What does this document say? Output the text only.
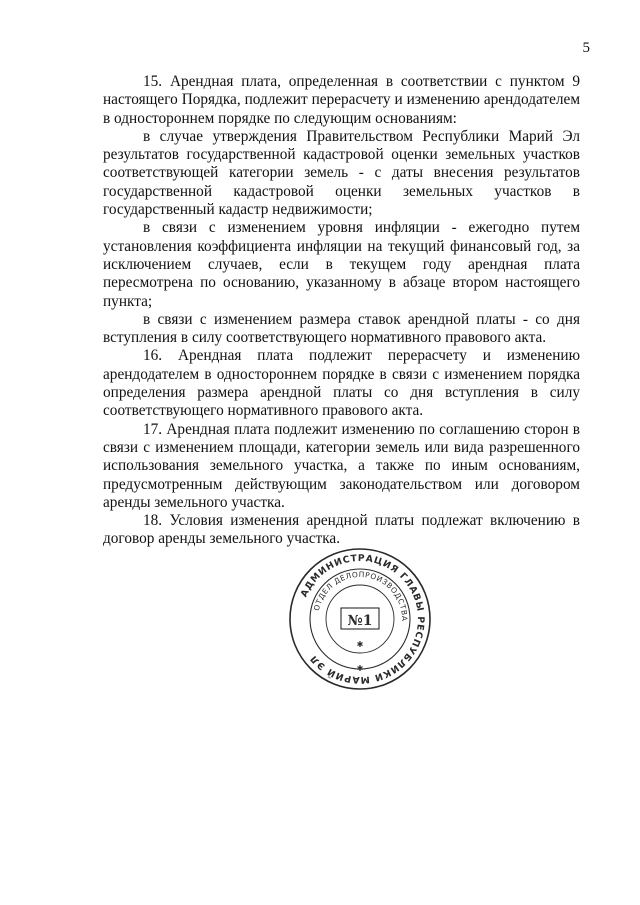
5

15. Арендная плата, определенная в соответствии с пунктом 9 настоящего Порядка, подлежит перерасчету и изменению арендодателем в одностороннем порядке по следующим основаниям:

в случае утверждения Правительством Республики Марий Эл результатов государственной кадастровой оценки земельных участков соответствующей категории земель - с даты внесения результатов государственной кадастровой оценки земельных участков в государственный кадастр недвижимости;

в связи с изменением уровня инфляции - ежегодно путем установления коэффициента инфляции на текущий финансовый год, за исключением случаев, если в текущем году арендная плата пересмотрена по основанию, указанному в абзаце втором настоящего пункта;

в связи с изменением размера ставок арендной платы - со дня вступления в силу соответствующего нормативного правового акта.

16. Арендная плата подлежит перерасчету и изменению арендодателем в одностороннем порядке в связи с изменением порядка определения размера арендной платы со дня вступления в силу соответствующего нормативного правового акта.

17. Арендная плата подлежит изменению по соглашению сторон в связи с изменением площади, категории земель или вида разрешенного использования земельного участка, а также по иным основаниям, предусмотренным действующим законодательством или договором аренды земельного участка.

18. Условия изменения арендной платы подлежат включению в договор аренды земельного участка.

АДМИНИСТРАЦИЯ ГЛАВЫ РЕСПУБЛИКИ МАРИЙ ЭЛ
ОТДЕЛ ДЕЛОПРОИЗВОДСТВА
№1
✱
✱
